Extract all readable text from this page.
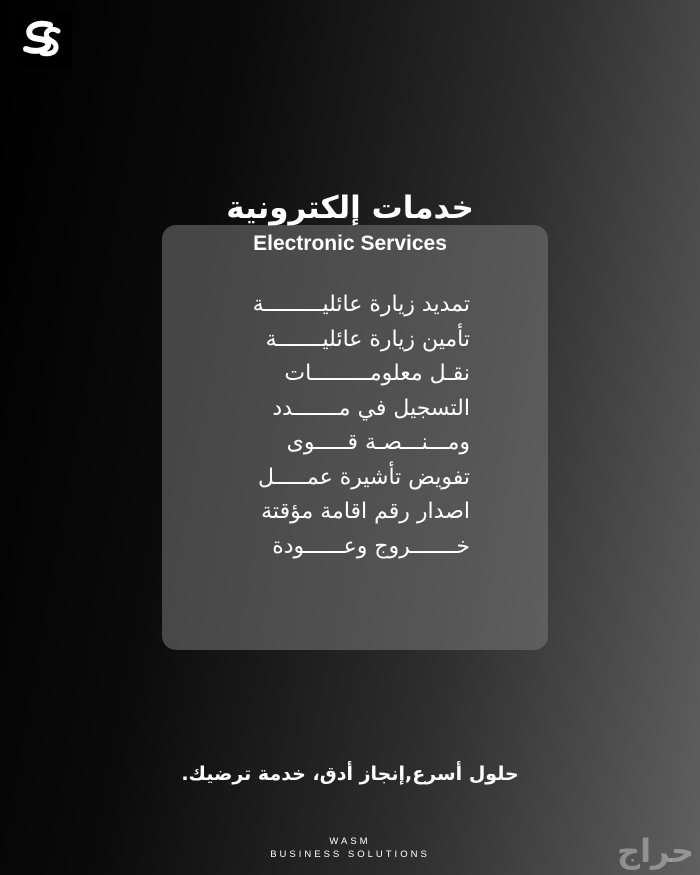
خدمات إلكترونية
Electronic Services
تمديد زيارة عائليـــــــــة
تأمين زيارة عائليـــــــة
نقـل معلومـــــــــات
التسجيل في مـــــــدد
ومـــنـــصـة قـــــوى
تفويض تأشيرة عمـــــل
اصدار رقم اقامة مؤقتة
خـــــــروج وعــــــودة
حلول أسرع,إنجاز أدق، خدمة ترضيك.
WASM
BUSINESS SOLUTIONS	حراج
